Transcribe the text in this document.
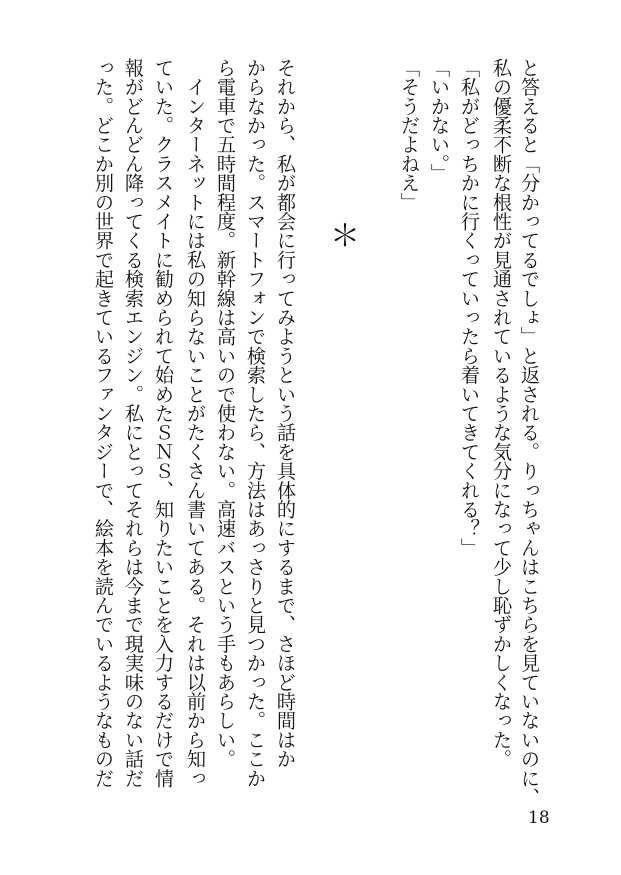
と答えると「分かってるでしょ」と返される。りっちゃんはこちらを見ていないのに、
私の優柔不断な根性が見通されているような気分になって少し恥ずかしくなった。
「私がどっちかに行くっていったら着いてきてくれる？」
「いかない。」
「そうだよねえ」
＊
それから、私が都会に行ってみようという話を具体的にするまで、さほど時間はか
からなかった。スマートフォンで検索したら、方法はあっさりと見つかった。ここか
ら電車で五時間程度。新幹線は高いので使わない。高速バスという手もあらしい。
　インターネットには私の知らないことがたくさん書いてある。それは以前から知っ
ていた。クラスメイトに勧められて始めたＳＮＳ、知りたいことを入力するだけで情
報がどんどん降ってくる検索エンジン。私にとってそれらは今まで現実味のない話だ
った。どこか別の世界で起きているファンタジーで、絵本を読んでいるようなものだ
18
